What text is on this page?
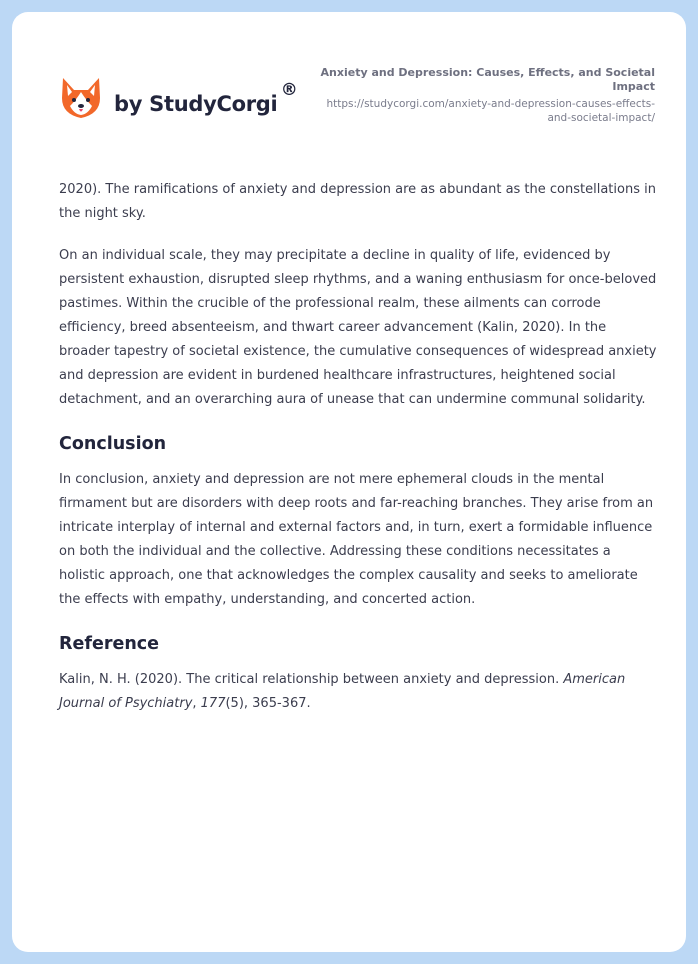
by StudyCorgi
®
Anxiety and Depression: Causes, Effects, and Societal Impact
https://studycorgi.com/anxiety-and-depression-causes-effects-and-societal-impact/

2020). The ramifications of anxiety and depression are as abundant as the constellations in the night sky.

On an individual scale, they may precipitate a decline in quality of life, evidenced by persistent exhaustion, disrupted sleep rhythms, and a waning enthusiasm for once-beloved pastimes. Within the crucible of the professional realm, these ailments can corrode efficiency, breed absenteeism, and thwart career advancement (Kalin, 2020). In the broader tapestry of societal existence, the cumulative consequences of widespread anxiety and depression are evident in burdened healthcare infrastructures, heightened social detachment, and an overarching aura of unease that can undermine communal solidarity.

Conclusion

In conclusion, anxiety and depression are not mere ephemeral clouds in the mental firmament but are disorders with deep roots and far-reaching branches. They arise from an intricate interplay of internal and external factors and, in turn, exert a formidable influence on both the individual and the collective. Addressing these conditions necessitates a holistic approach, one that acknowledges the complex causality and seeks to ameliorate the effects with empathy, understanding, and concerted action.

Reference

Kalin, N. H. (2020). The critical relationship between anxiety and depression. American Journal of Psychiatry, 177(5), 365-367.
